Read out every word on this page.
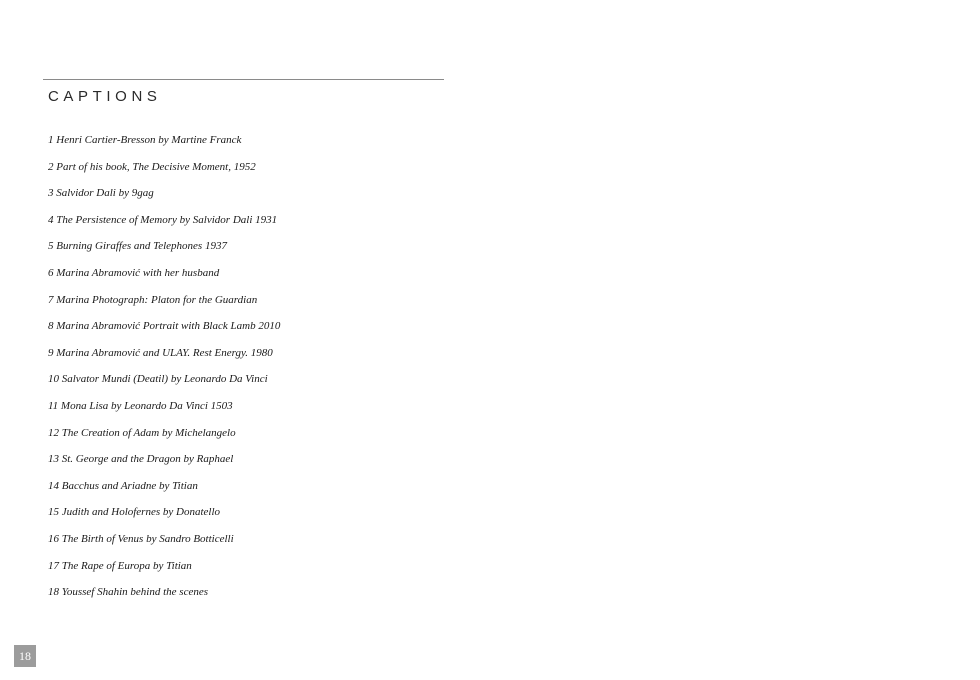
CAPTIONS
1 Henri Cartier-Bresson by Martine Franck
2 Part of his book, The Decisive Moment, 1952
3 Salvidor Dali by 9gag
4 The Persistence of Memory by Salvidor Dali 1931
5 Burning Giraffes and Telephones 1937
6 Marina Abramović with her husband
7 Marina Photograph: Platon for the Guardian
8 Marina Abramović Portrait with Black Lamb 2010
9 Marina Abramović and ULAY. Rest Energy. 1980
10 Salvator Mundi (Deatil) by Leonardo Da Vinci
11 Mona Lisa by Leonardo Da Vinci 1503
12 The Creation of Adam by Michelangelo
13 St. George and the Dragon by Raphael
14 Bacchus and Ariadne by Titian
15 Judith and Holofernes by Donatello
16 The Birth of Venus by Sandro Botticelli
17 The Rape of Europa by Titian
18 Youssef Shahin behind the scenes
18
